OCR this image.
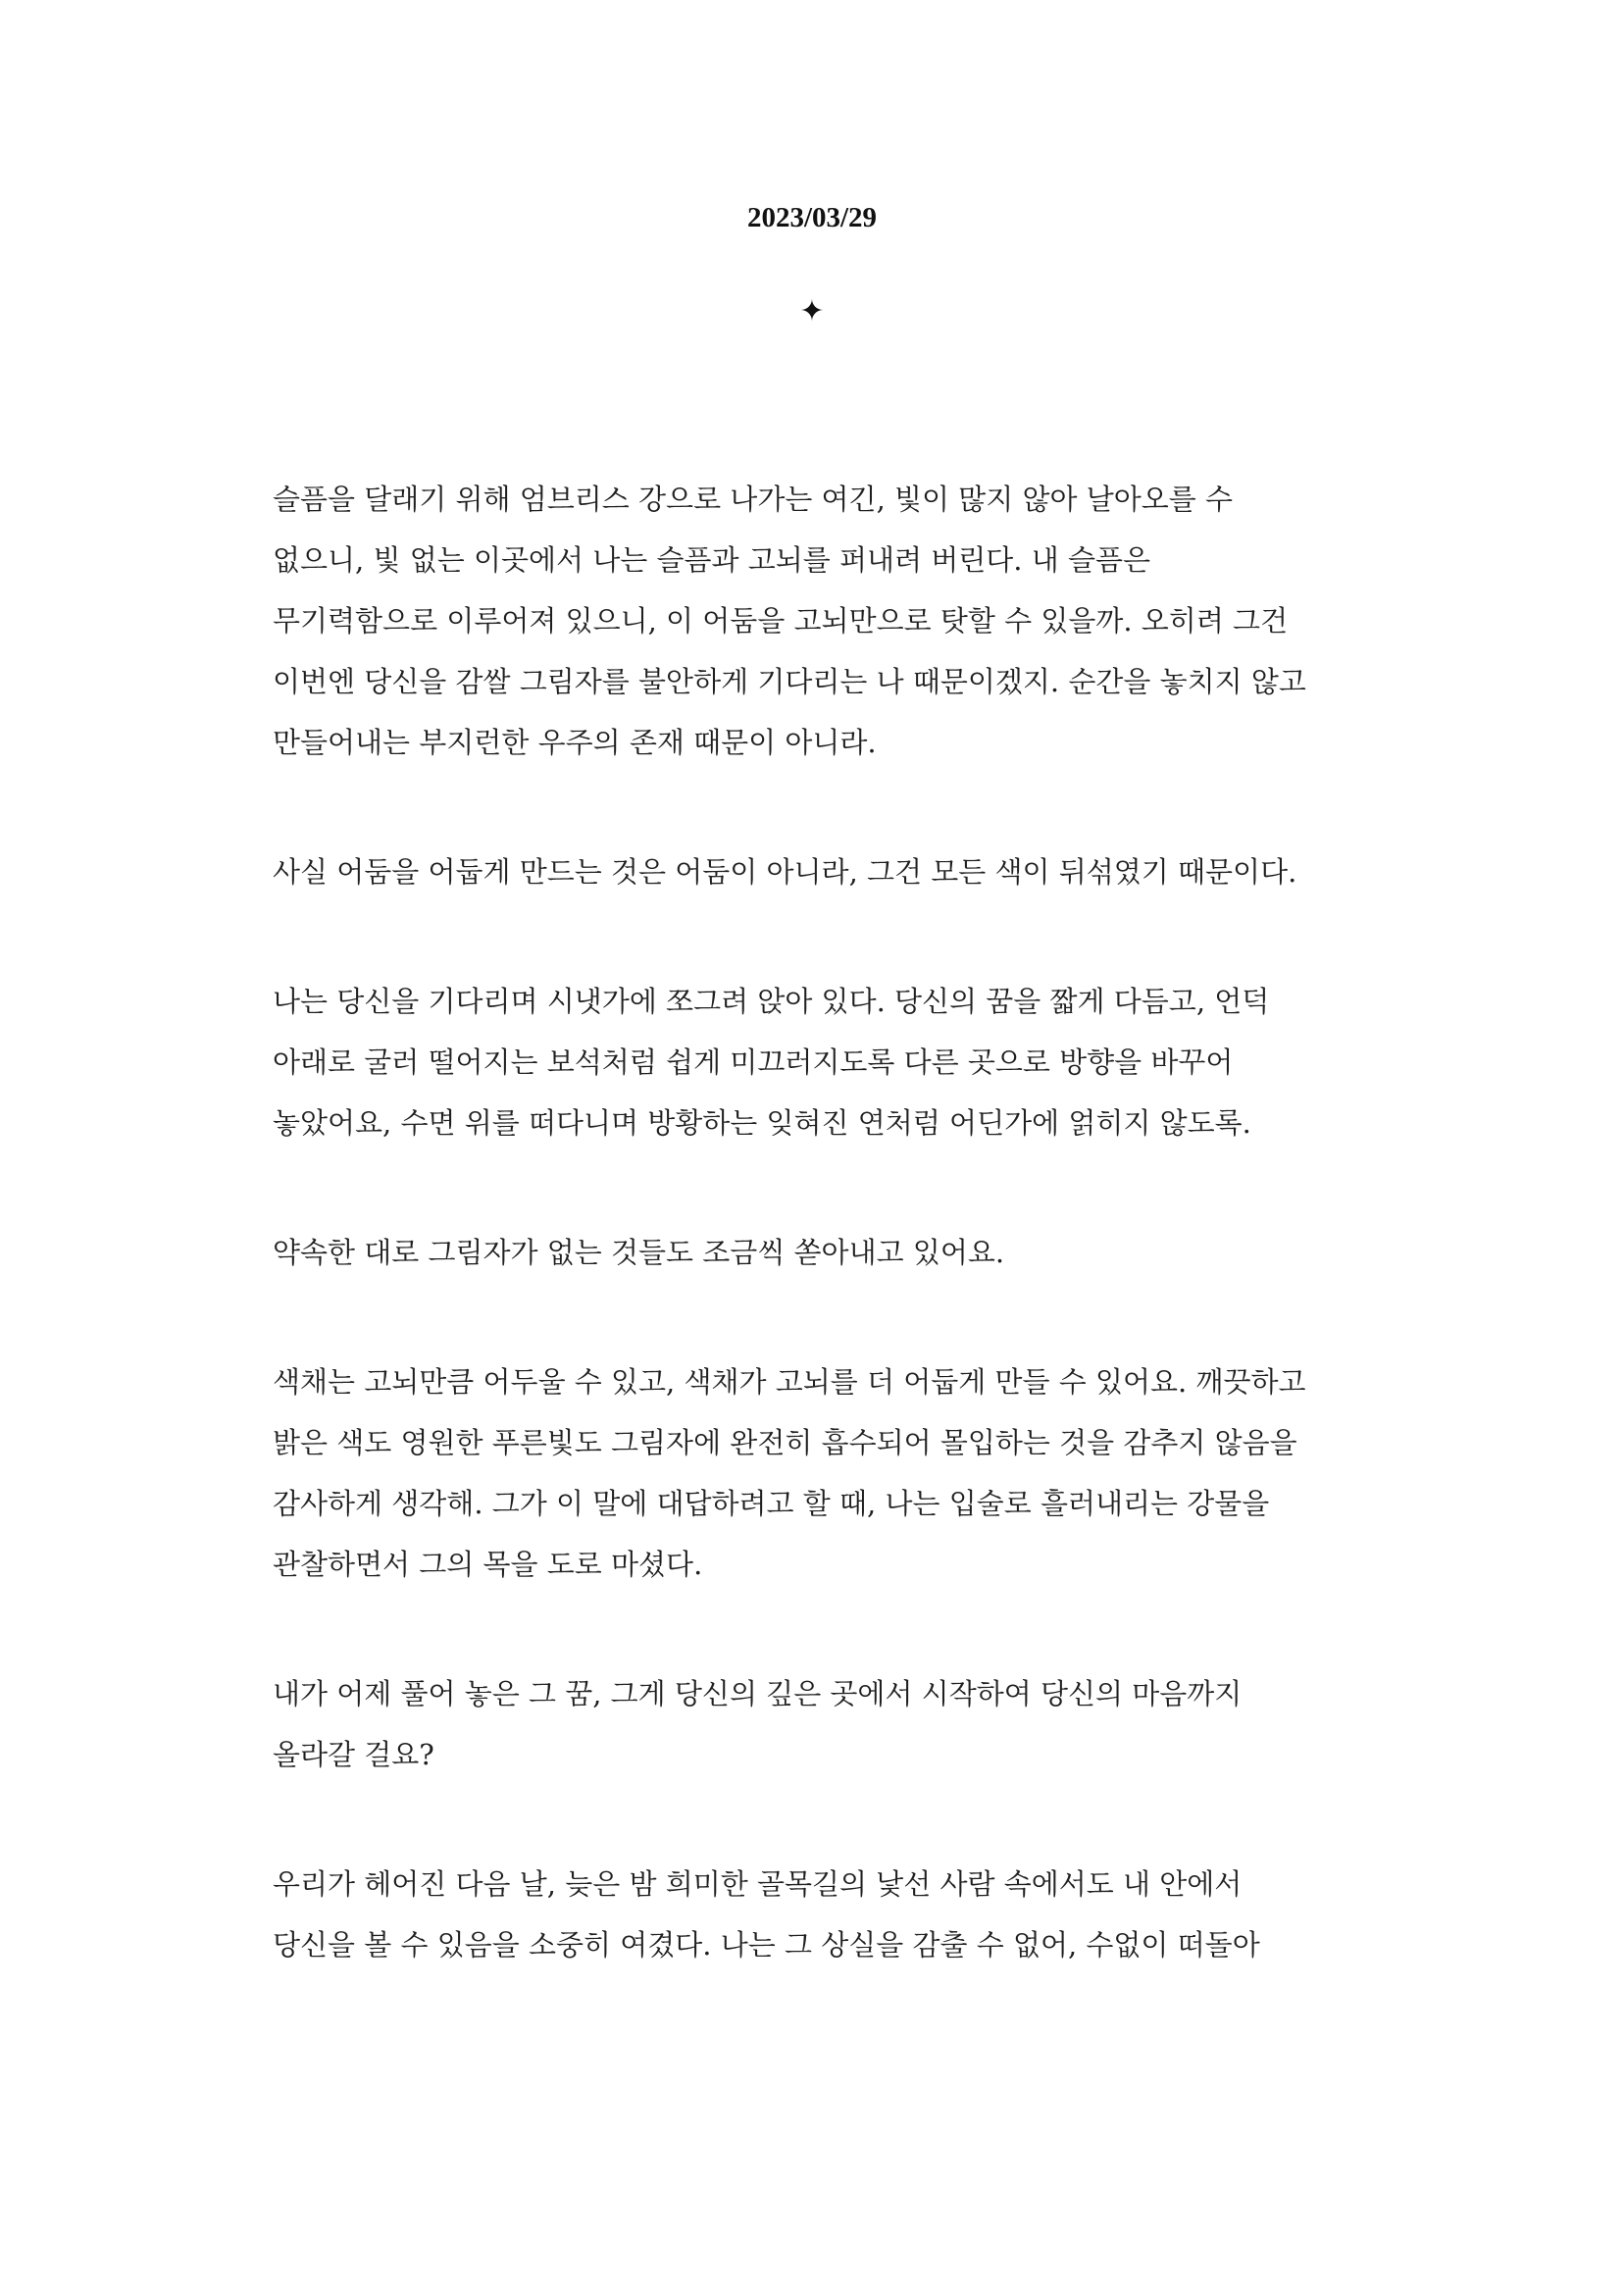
2023/03/29
✦

슬픔을 달래기 위해 엄브리스 강으로 나가는 여긴, 빛이 많지 않아 날아오를 수
없으니, 빛 없는 이곳에서 나는 슬픔과 고뇌를 퍼내려 버린다. 내 슬픔은
무기력함으로 이루어져 있으니, 이 어둠을 고뇌만으로 탓할 수 있을까. 오히려 그건
이번엔 당신을 감쌀 그림자를 불안하게 기다리는 나 때문이겠지. 순간을 놓치지 않고
만들어내는 부지런한 우주의 존재 때문이 아니라.

사실 어둠을 어둡게 만드는 것은 어둠이 아니라, 그건 모든 색이 뒤섞였기 때문이다.

나는 당신을 기다리며 시냇가에 쪼그려 앉아 있다. 당신의 꿈을 짧게 다듬고, 언덕
아래로 굴러 떨어지는 보석처럼 쉽게 미끄러지도록 다른 곳으로 방향을 바꾸어
놓았어요, 수면 위를 떠다니며 방황하는 잊혀진 연처럼 어딘가에 얽히지 않도록.

약속한 대로 그림자가 없는 것들도 조금씩 쏟아내고 있어요.

색채는 고뇌만큼 어두울 수 있고, 색채가 고뇌를 더 어둡게 만들 수 있어요. 깨끗하고
밝은 색도 영원한 푸른빛도 그림자에 완전히 흡수되어 몰입하는 것을 감추지 않음을
감사하게 생각해. 그가 이 말에 대답하려고 할 때, 나는 입술로 흘러내리는 강물을
관찰하면서 그의 목을 도로 마셨다.

내가 어제 풀어 놓은 그 꿈, 그게 당신의 깊은 곳에서 시작하여 당신의 마음까지
올라갈 걸요?

우리가 헤어진 다음 날, 늦은 밤 희미한 골목길의 낯선 사람 속에서도 내 안에서
당신을 볼 수 있음을 소중히 여겼다. 나는 그 상실을 감출 수 없어, 수없이 떠돌아
